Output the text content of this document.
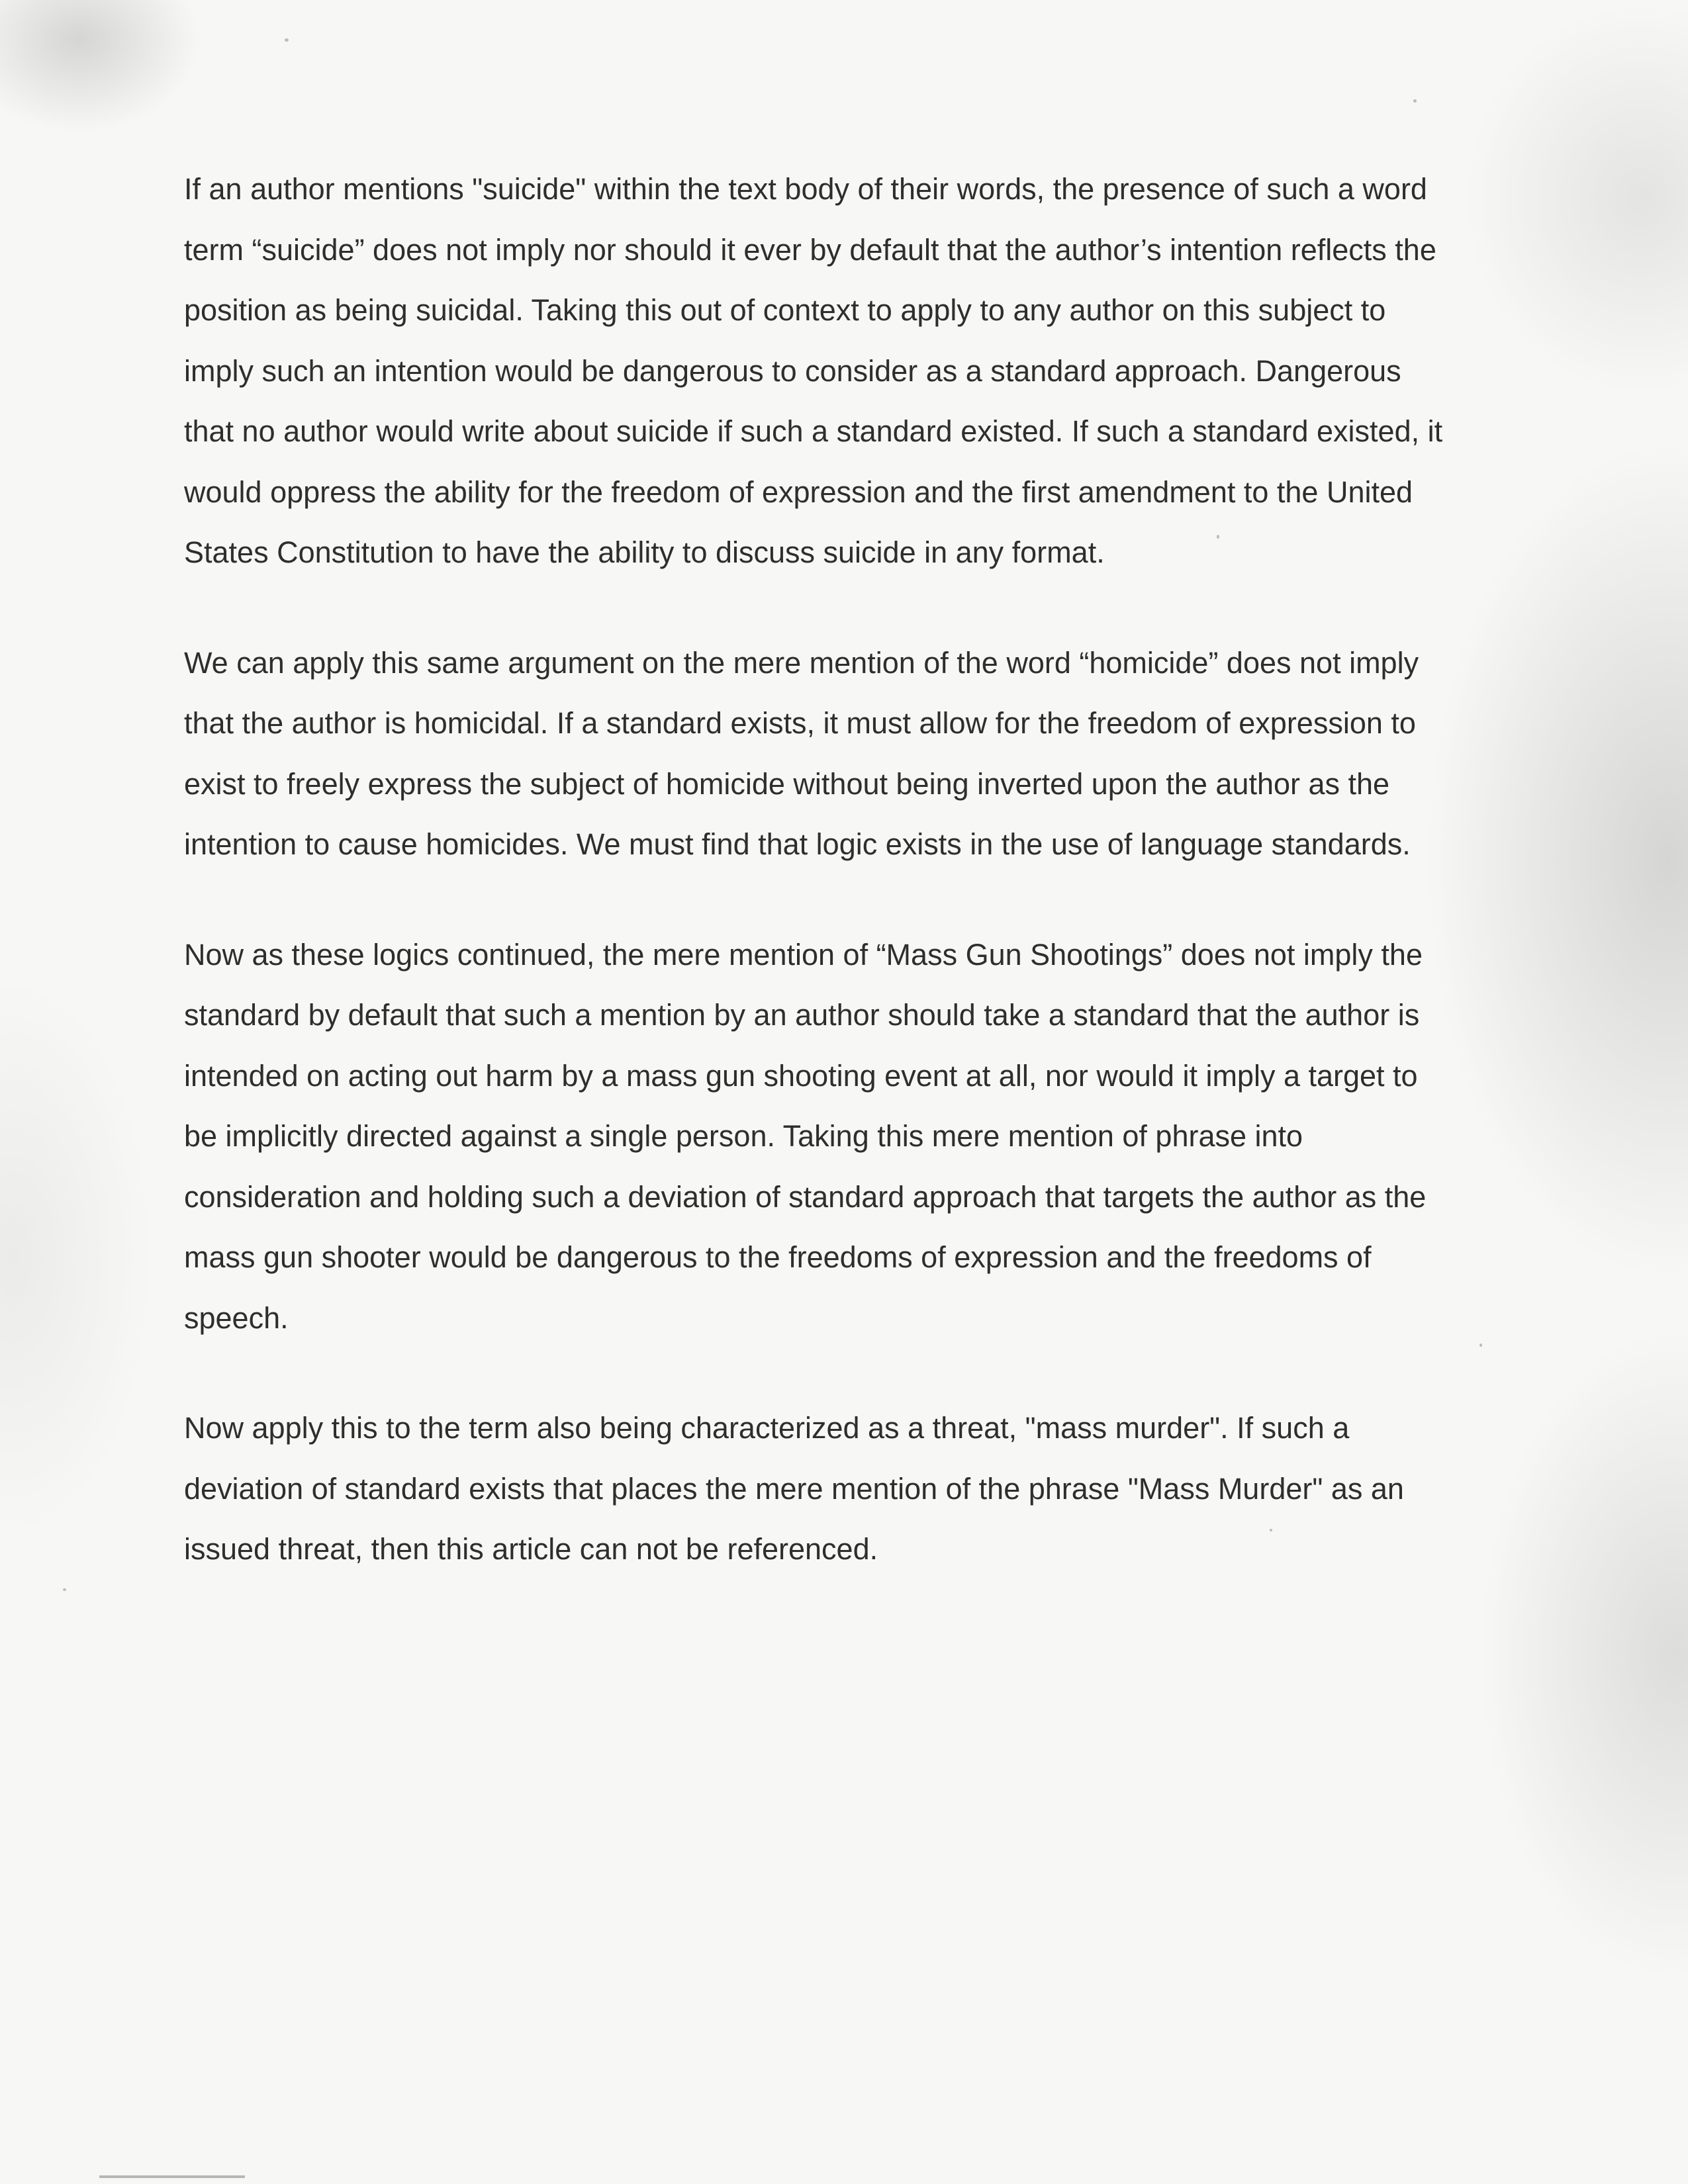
If an author mentions "suicide" within the text body of their words, the presence of such a word
term “suicide” does not imply nor should it ever by default that the author’s intention reflects the
position as being suicidal. Taking this out of context to apply to any author on this subject to
imply such an intention would be dangerous to consider as a standard approach. Dangerous
that no author would write about suicide if such a standard existed. If such a standard existed, it
would oppress the ability for the freedom of expression and the first amendment to the United
States Constitution to have the ability to discuss suicide in any format.
We can apply this same argument on the mere mention of the word “homicide” does not imply
that the author is homicidal. If a standard exists, it must allow for the freedom of expression to
exist to freely express the subject of homicide without being inverted upon the author as the
intention to cause homicides. We must find that logic exists in the use of language standards.
Now as these logics continued, the mere mention of “Mass Gun Shootings” does not imply the
standard by default that such a mention by an author should take a standard that the author is
intended on acting out harm by a mass gun shooting event at all, nor would it imply a target to
be implicitly directed against a single person. Taking this mere mention of phrase into
consideration and holding such a deviation of standard approach that targets the author as the
mass gun shooter would be dangerous to the freedoms of expression and the freedoms of
speech.
Now apply this to the term also being characterized as a threat, "mass murder". If such a
deviation of standard exists that places the mere mention of the phrase "Mass Murder" as an
issued threat, then this article can not be referenced.
